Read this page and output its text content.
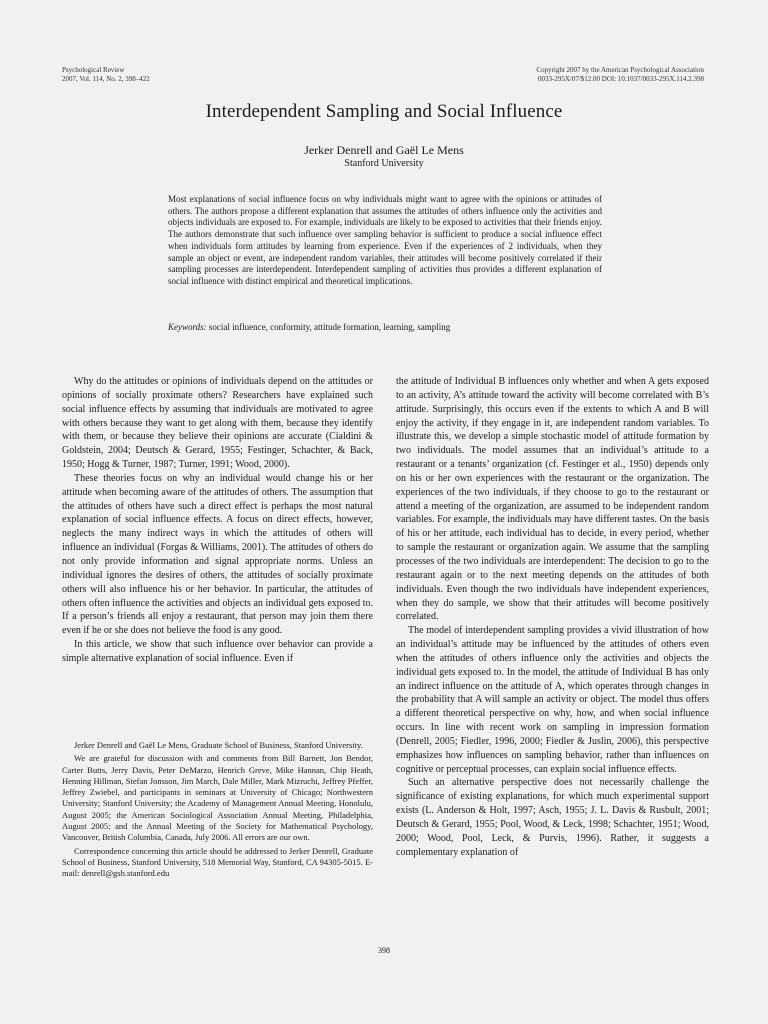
Psychological Review
2007, Vol. 114, No. 2, 398–422
Copyright 2007 by the American Psychological Association
0033-295X/07/$12.00 DOI: 10.1037/0033-295X.114.2.398
Interdependent Sampling and Social Influence
Jerker Denrell and Gaël Le Mens
Stanford University
Most explanations of social influence focus on why individuals might want to agree with the opinions or attitudes of others. The authors propose a different explanation that assumes the attitudes of others influence only the activities and objects individuals are exposed to. For example, individuals are likely to be exposed to activities that their friends enjoy. The authors demonstrate that such influence over sampling behavior is sufficient to produce a social influence effect when individuals form attitudes by learning from experience. Even if the experiences of 2 individuals, when they sample an object or event, are independent random variables, their attitudes will become positively correlated if their sampling processes are interdependent. Interdependent sampling of activities thus provides a different explanation of social influence with distinct empirical and theoretical implications.
Keywords: social influence, conformity, attitude formation, learning, sampling

Why do the attitudes or opinions of individuals depend on the attitudes or opinions of socially proximate others? Researchers have explained such social influence effects by assuming that individuals are motivated to agree with others because they want to get along with them, because they identify with them, or because they believe their opinions are accurate (Cialdini & Goldstein, 2004; Deutsch & Gerard, 1955; Festinger, Schachter, & Back, 1950; Hogg & Turner, 1987; Turner, 1991; Wood, 2000).

These theories focus on why an individual would change his or her attitude when becoming aware of the attitudes of others. The assumption that the attitudes of others have such a direct effect is perhaps the most natural explanation of social influence effects. A focus on direct effects, however, neglects the many indirect ways in which the attitudes of others will influence an individual (Forgas & Williams, 2001). The attitudes of others do not only provide information and signal appropriate norms. Unless an individual ignores the desires of others, the attitudes of socially proximate others will also influence his or her behavior. In particular, the attitudes of others often influence the activities and objects an individual gets exposed to. If a person’s friends all enjoy a restaurant, that person may join them there even if he or she does not believe the food is any good.

In this article, we show that such influence over behavior can provide a simple alternative explanation of social influence. Even if

Jerker Denrell and Gaël Le Mens, Graduate School of Business, Stanford University.

We are grateful for discussion with and comments from Bill Barnett, Jon Bendor, Carter Butts, Jerry Davis, Peter DeMarzo, Henrich Greve, Mike Hannan, Chip Heath, Henning Hillman, Stefan Jonsson, Jim March, Dale Miller, Mark Mizruchi, Jeffrey Pfeffer, Jeffrey Zwiebel, and participants in seminars at University of Chicago; Northwestern University; Stanford University; the Academy of Management Annual Meeting, Honolulu, August 2005; the American Sociological Association Annual Meeting, Philadelphia, August 2005; and the Annual Meeting of the Society for Mathematical Psychology, Vancouver, British Columbia, Canada, July 2006. All errors are our own.

Correspondence concerning this article should be addressed to Jerker Denrell, Graduate School of Business, Stanford University, 518 Memorial Way, Stanford, CA 94305-5015. E-mail: denrell@gsb.stanford.edu

the attitude of Individual B influences only whether and when A gets exposed to an activity, A’s attitude toward the activity will become correlated with B’s attitude. Surprisingly, this occurs even if the extents to which A and B will enjoy the activity, if they engage in it, are independent random variables. To illustrate this, we develop a simple stochastic model of attitude formation by two individuals. The model assumes that an individual’s attitude to a restaurant or a tenants’ organization (cf. Festinger et al., 1950) depends only on his or her own experiences with the restaurant or the organization. The experiences of the two individuals, if they choose to go to the restaurant or attend a meeting of the organization, are assumed to be independent random variables. For example, the individuals may have different tastes. On the basis of his or her attitude, each individual has to decide, in every period, whether to sample the restaurant or organization again. We assume that the sampling processes of the two individuals are interdependent: The decision to go to the restaurant again or to the next meeting depends on the attitudes of both individuals. Even though the two individuals have independent experiences, when they do sample, we show that their attitudes will become positively correlated.

The model of interdependent sampling provides a vivid illustration of how an individual’s attitude may be influenced by the attitudes of others even when the attitudes of others influence only the activities and objects the individual gets exposed to. In the model, the attitude of Individual B has only an indirect influence on the attitude of A, which operates through changes in the probability that A will sample an activity or object. The model thus offers a different theoretical perspective on why, how, and when social influence occurs. In line with recent work on sampling in impression formation (Denrell, 2005; Fiedler, 1996, 2000; Fiedler & Juslin, 2006), this perspective emphasizes how influences on sampling behavior, rather than influences on cognitive or perceptual processes, can explain social influence effects.

Such an alternative perspective does not necessarily challenge the significance of existing explanations, for which much experimental support exists (L. Anderson & Holt, 1997; Asch, 1955; J. L. Davis & Rusbult, 2001; Deutsch & Gerard, 1955; Pool, Wood, & Leck, 1998; Schachter, 1951; Wood, 2000; Wood, Pool, Leck, & Purvis, 1996). Rather, it suggests a complementary explanation of

398
